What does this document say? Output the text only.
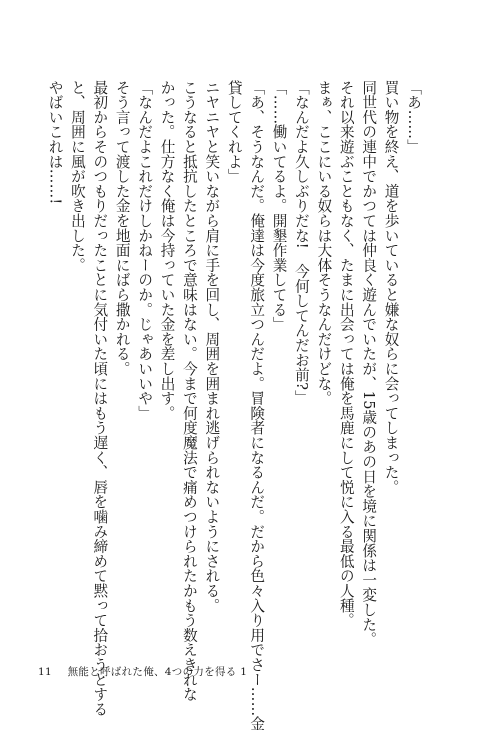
「あ……」
買い物を終え、道を歩いていると嫌な奴らに会ってしまった。
同世代の連中でかつては仲良く遊んでいたが、15歳のあの日を境に関係は一変した。
それ以来遊ぶこともなく、たまに出会っては俺を馬鹿にして悦に入る最低の人種。
まぁ、ここにいる奴らは大体そうなんだけどな。
「なんだよ久しぶりだな!　今何してんだお前?」
「……働いてるよ。開墾作業してる」
「あ、そうなんだ。俺達は今度旅立つんだよ。冒険者になるんだ。だから色々入り用でさー……金
貸してくれよ」
ニヤニヤと笑いながら肩に手を回し、周囲を囲まれ逃げられないようにされる。
こうなると抵抗したところで意味はない。今まで何度魔法で痛めつけられたかもう数えきれな
かった。仕方なく俺は今持っていた金を差し出す。
「なんだよこれだけしかねーのか。じゃあいいや」
そう言って渡した金を地面にばら撒かれる。
最初からそのつもりだったことに気付いた頃にはもう遅く、唇を噛み締めて黙って拾おうとする
と、周囲に風が吹き出した。
やばいこれは……!
11 無能と呼ばれた俺、4つの力を得る 1
